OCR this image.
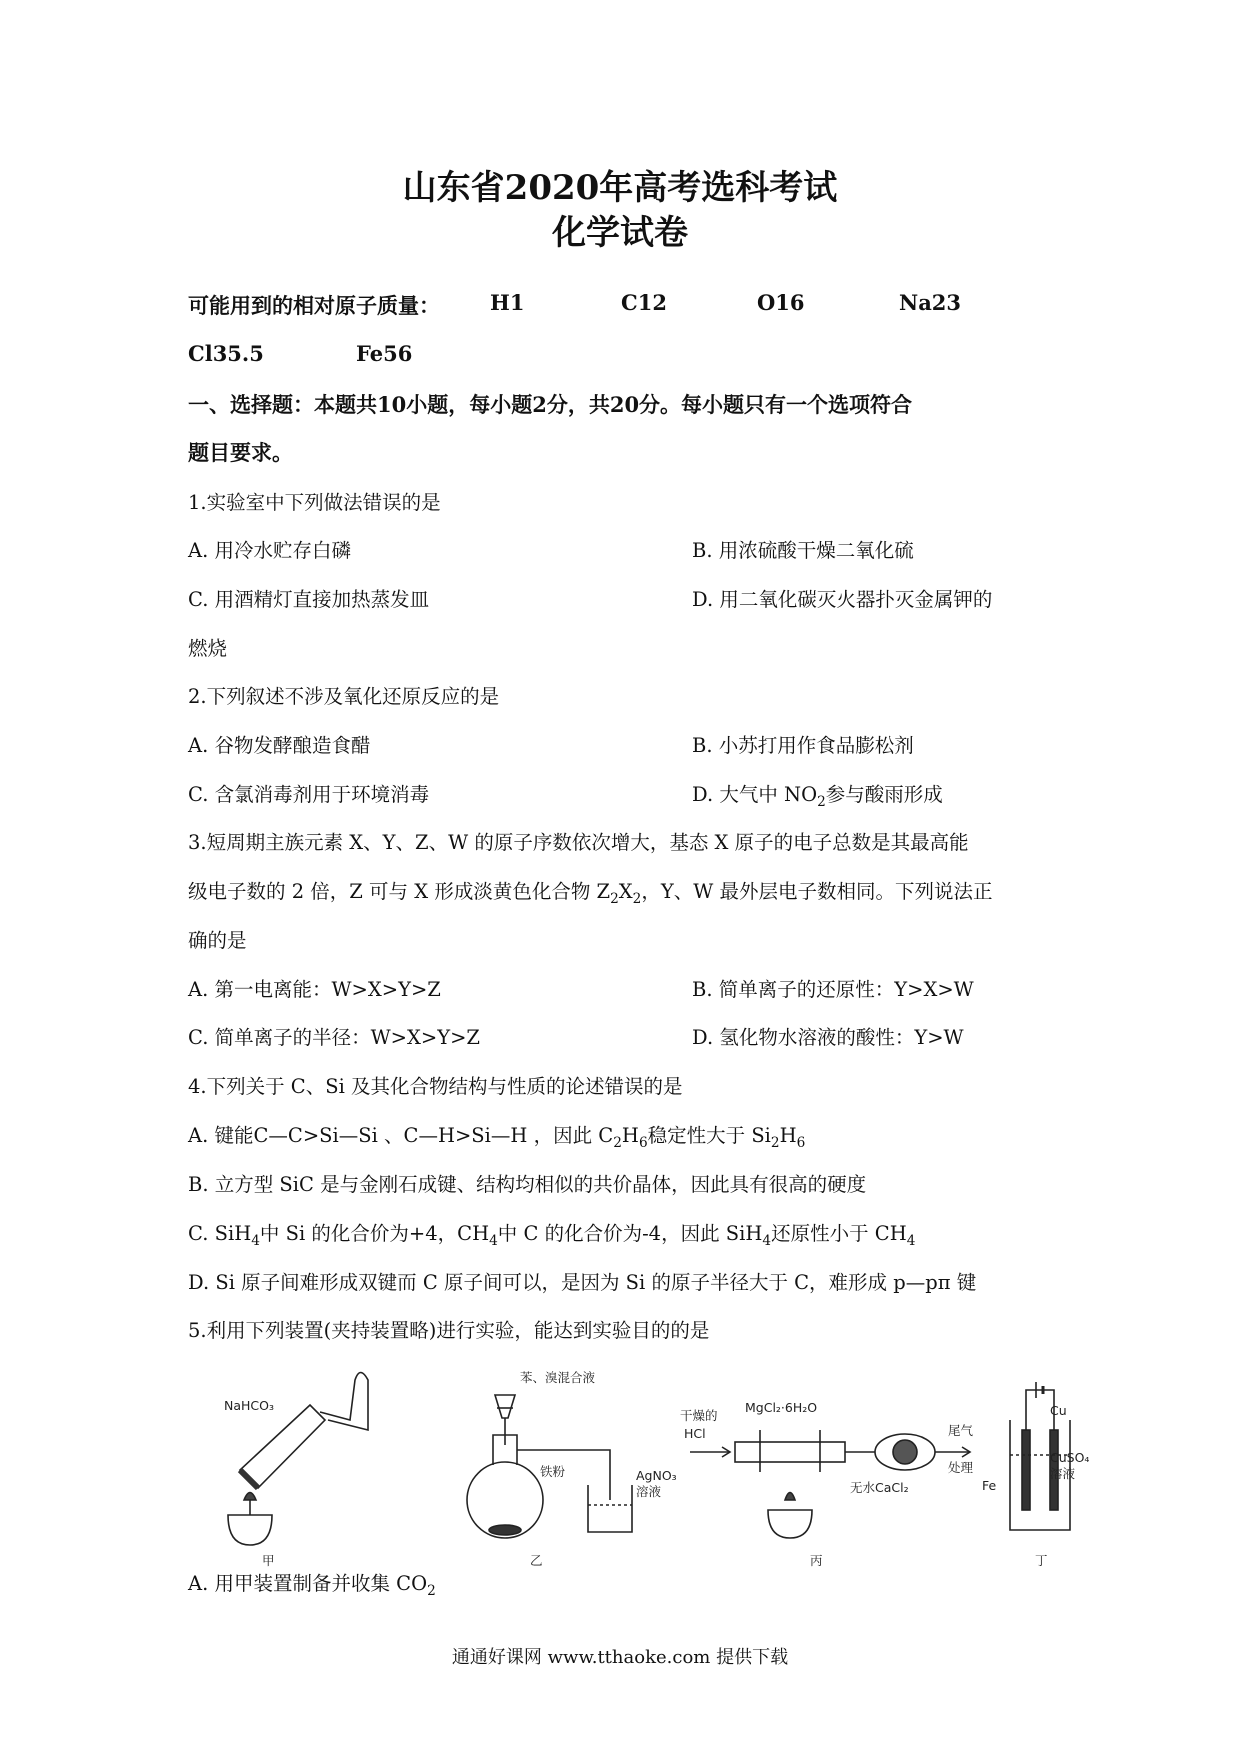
山东省2020年高考选科考试
化学试卷
可能用到的相对原子质量： H1	C12	O16	Na23
Cl35.5	Fe56
一、选择题：本题共10小题，每小题2分，共20分。每小题只有一个选项符合
题目要求。
1.实验室中下列做法错误的是
A. 用冷水贮存白磷	B. 用浓硫酸干燥二氧化硫
C. 用酒精灯直接加热蒸发皿	D. 用二氧化碳灭火器扑灭金属钾的
燃烧
2.下列叙述不涉及氧化还原反应的是
A. 谷物发酵酿造食醋	B. 小苏打用作食品膨松剂
C. 含氯消毒剂用于环境消毒	D. 大气中 $NO_2$参与酸雨形成
3.短周期主族元素 X、Y、Z、W 的原子序数依次增大，基态 X 原子的电子总数是其最高能
级电子数的 2 倍，Z 可与 X 形成淡黄色化合物 $Z_2X_2$，Y、W 最外层电子数相同。下列说法正
确的是
A. 第一电离能：W>X>Y>Z	B. 简单离子的还原性：Y>X>W
C. 简单离子的半径：W>X>Y>Z	D. 氢化物水溶液的酸性：Y>W
4.下列关于 C、Si 及其化合物结构与性质的论述错误的是
A. 键能C—C>Si—Si 、C—H>Si—H ，因此 $C_2H_6$稳定性大于 $Si_2H_6$
B. 立方型 SiC 是与金刚石成键、结构均相似的共价晶体，因此具有很高的硬度
C. SiH$_4$中 Si 的化合价为+4，$CH_4$中 C 的化合价为-4，因此 SiH$_4$还原性小于 $CH_4$
D. Si 原子间难形成双键而 C 原子间可以，是因为 Si 的原子半径大于 C，难形成 p—pπ 键
5.利用下列装置(夹持装置略)进行实验，能达到实验目的的是
NaHCO₃
苯、溴混合液
铁粉	AgNO₃
溶液
干燥的
HCl
MgCl₂·6H₂O
无水CaCl₂
尾气
处理
Fe
Cu
CuSO₄
溶液
甲	乙	丙	丁
A. 用甲装置制备并收集 $CO_2$
通通好课网 www.tthaoke.com 提供下载
